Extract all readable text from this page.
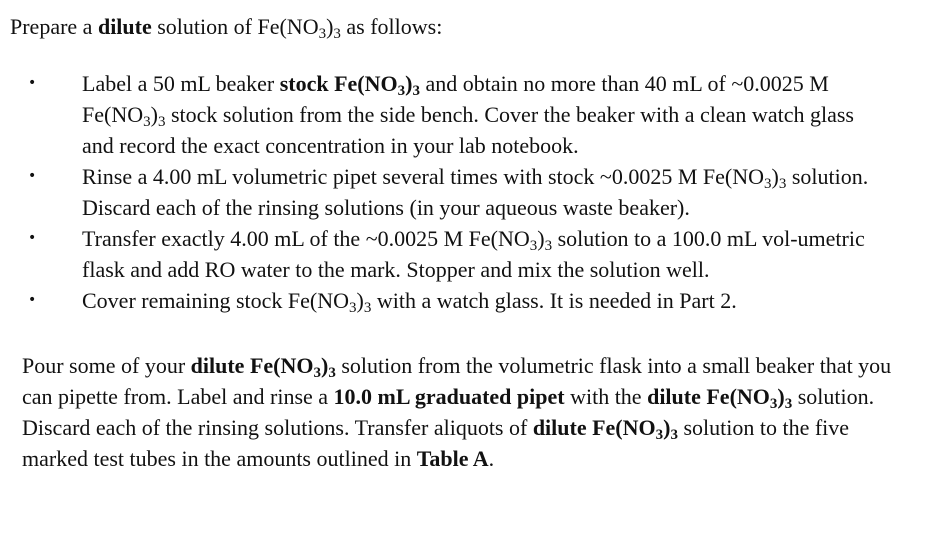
Prepare a dilute solution of $Fe(NO_3)_3$ as follows:
• Label a 50 mL beaker stock $Fe(NO_3)_3$ and obtain no more than 40 mL of ~0.0025 M $Fe(NO_3)_3$ stock solution from the side bench. Cover the beaker with a clean watch glass and record the exact concentration in your lab notebook.
• Rinse a 4.00 mL volumetric pipet several times with stock ~0.0025 M $Fe(NO_3)_3$ solution. Discard each of the rinsing solutions (in your aqueous waste beaker).
• Transfer exactly 4.00 mL of the ~0.0025 M $Fe(NO_3)_3$ solution to a 100.0 mL vol-umetric flask and add RO water to the mark. Stopper and mix the solution well.
• Cover remaining stock $Fe(NO_3)_3$ with a watch glass. It is needed in Part 2.
Pour some of your dilute $Fe(NO_3)_3$ solution from the volumetric flask into a small beaker that you can pipette from. Label and rinse a 10.0 mL graduated pipet with the dilute $Fe(NO_3)_3$ solution. Discard each of the rinsing solutions. Transfer aliquots of dilute $Fe(NO_3)_3$ solution to the five marked test tubes in the amounts outlined in Table A.
